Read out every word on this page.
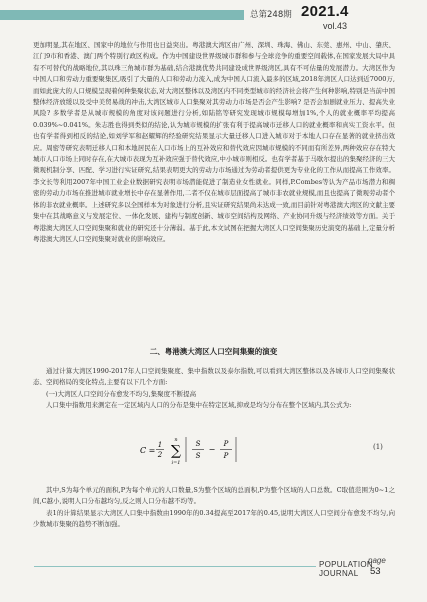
总第248期 2021.4
vol.43

更加明显,其在地区、国家中的地位与作用也日益突出。粤港澳大湾区由广州、深圳、珠海、佛山、东莞、惠州、中山、肇庆、江门9市和香港、澳门两个特别行政区构成。作为中国建设世界级城市群和参与全球竞争的重要空间载体,在国家发展大局中具有不可替代的战略地位,其以珠三角城市群为基础,结合港澳优势共同建设成世界级湾区,具有不可估量的发展潜力。大湾区作为中国人口和劳动力重要聚集区,吸引了大量的人口和劳动力流入,成为中国人口流入最多的区域,2018年湾区人口达到近7000万,而如此庞大的人口规模呈现着何种集聚状态,对大湾区整体以及湾区内不同类型城市的经济社会将产生何种影响,特别是当前中国整体经济放缓以及受中美贸易战的冲击,大湾区城市人口集聚对其劳动力市场是否会产生影响? 是否会加剧就业压力、提高失业风险? 多数学者是从城市规模的角度对该问题进行分析,如陆铭等研究发现城市规模每增加1%,个人的就业概率平均提高0.039%~0.041%。朱志胜也得到类似的结论,认为城市规模的扩张有利于提高城市迁移人口的就业概率和真实工资水平。但也有学者得到相反的结论,如刘学军和赵耀辉的经验研究结果显示大量迁移人口进入城市对于本地人口存在显著的就业挤出效应。周密等研究表明迁移人口和本地居民在人口市场上的互补效应和替代效应因城市规模的不同而有所差异,两种效应存在特大城市人口市场上同时存在,在大城市表现为互补效应强于替代效应,中小城市则相反。也有学者基于马歇尔提出的集聚经济的三大微观机制分享、匹配、学习进行实证研究,结果表明更大的劳动力市场通过为劳动者提供更为专业化的工作从而提高工作效率。李文长等利用2007年中国工业企业数据研究表明市场潜能促进了制造业女性就业。同样,P.Combes等认为产品市场潜力和稠密的劳动力市场在推进城市就业增长中存在显著作用,二者不仅在城市层面提高了城市非农就业规模,而且也提高了微观劳动者个体的非农就业概率。上述研究多以全国样本为对象进行分析,且实证研究结果尚未达成一致,而目前针对粤港澳大湾区的文献主要集中在其战略意义与发展定位、一体化发展、建构与制度创新、城市空间结构及网络、产业协同升级与经济绩效等方面。关于粤港澳大湾区人口空间集聚和就业的研究还十分薄弱。基于此,本文试图在把握大湾区人口空间集聚历史演变的基础上,定量分析粤港澳大湾区人口空间集聚对就业的影响效应。

二、粤港澳大湾区人口空间集聚的演变

通过计算大湾区1990-2017年人口空间集聚度、集中指数以及泰尔指数,可以看到大湾区整体以及各城市人口空间集聚状态、空间格局的变化特点,主要有以下几个方面:

(一)大湾区人口空间分布愈发不均匀,集聚度不断提高

人口集中指数用来测定在一定区域内人口的分布是集中在特定区域,抑或是均匀分布在整个区域内,其公式为:

C =
1
2 ∑
n
i=1
S
S
−
P
P
(1)

其中,S为每个单元的面积,P为每个单元的人口数量,S为整个区域的总面积,P为整个区域的人口总数。C取值范围为0~1之间,C越小,说明人口分布越均匀,反之则人口分布越不均等。

表1的计算结果显示大湾区人口集中指数由1990年的0.34提高至2017年的0.45,说明大湾区人口空间分布愈发不均匀,向少数城市集聚的趋势不断加强。

POPULATION
JOURNAL
page
53
